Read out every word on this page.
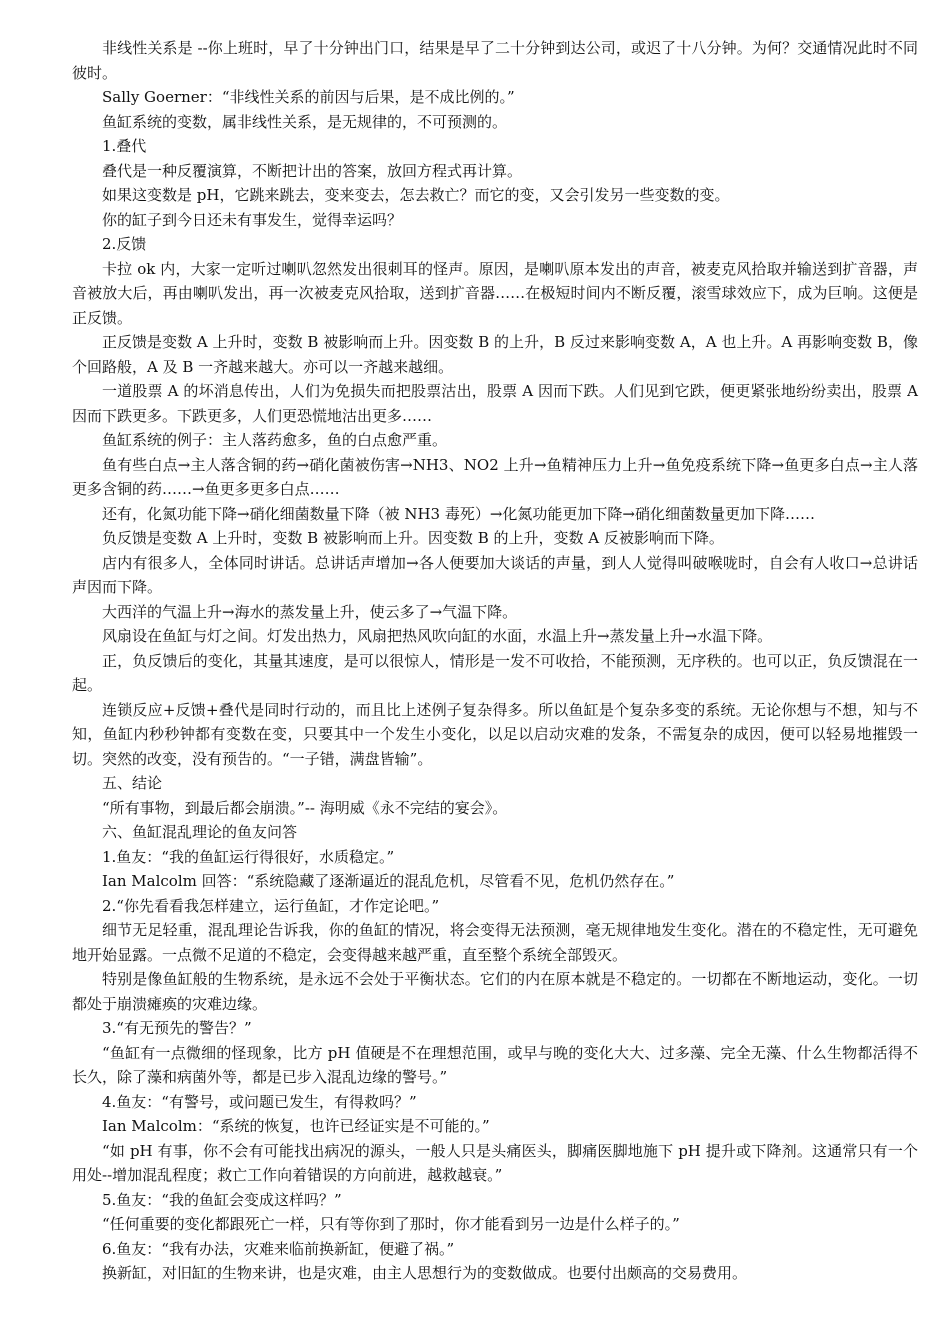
非线性关系是 --你上班时，早了十分钟出门口，结果是早了二十分钟到达公司，或迟了十八分钟。为何？交通情况此时不同彼时。

Sally Goerner：“非线性关系的前因与后果，是不成比例的。”

鱼缸系统的变数，属非线性关系，是无规律的，不可预测的。

1.叠代

叠代是一种反覆演算，不断把计出的答案，放回方程式再计算。

如果这变数是 pH，它跳来跳去，变来变去，怎去救亡？而它的变，又会引发另一些变数的变。

你的缸子到今日还未有事发生，觉得幸运吗？

2.反馈

卡拉 ok 内，大家一定听过喇叭忽然发出很刺耳的怪声。原因，是喇叭原本发出的声音，被麦克风拾取并输送到扩音器，声音被放大后，再由喇叭发出，再一次被麦克风拾取，送到扩音器……在极短时间内不断反覆，滚雪球效应下，成为巨响。这便是正反馈。

正反馈是变数 A 上升时，变数 B 被影响而上升。因变数 B 的上升，B 反过来影响变数 A，A 也上升。A 再影响变数 B，像个回路般，A 及 B 一齐越来越大。亦可以一齐越来越细。

一道股票 A 的坏消息传出，人们为免损失而把股票沽出，股票 A 因而下跌。人们见到它跌，便更紧张地纷纷卖出，股票 A 因而下跌更多。下跌更多，人们更恐慌地沽出更多……

鱼缸系统的例子：主人落药愈多，鱼的白点愈严重。

鱼有些白点→主人落含铜的药→硝化菌被伤害→NH3、NO2 上升→鱼精神压力上升→鱼免疫系统下降→鱼更多白点→主人落更多含铜的药……→鱼更多更多白点……

还有，化氮功能下降→硝化细菌数量下降（被 NH3 毒死）→化氮功能更加下降→硝化细菌数量更加下降……

负反馈是变数 A 上升时，变数 B 被影响而上升。因变数 B 的上升，变数 A 反被影响而下降。

店内有很多人，全体同时讲话。总讲话声增加→各人便要加大谈话的声量，到人人觉得叫破喉咙时，自会有人收口→总讲话声因而下降。

大西洋的气温上升→海水的蒸发量上升，使云多了→气温下降。

风扇设在鱼缸与灯之间。灯发出热力，风扇把热风吹向缸的水面，水温上升→蒸发量上升→水温下降。

正，负反馈后的变化，其量其速度，是可以很惊人，情形是一发不可收拾，不能预测，无序秩的。也可以正，负反馈混在一起。

连锁反应+反馈+叠代是同时行动的，而且比上述例子复杂得多。所以鱼缸是个复杂多变的系统。无论你想与不想，知与不知，鱼缸内秒秒钟都有变数在变，只要其中一个发生小变化，以足以启动灾难的发条，不需复杂的成因，便可以轻易地摧毁一切。突然的改变，没有预告的。“一子错，满盘皆输”。

五、结论

“所有事物，到最后都会崩溃。”-- 海明威《永不完结的宴会》。

六、鱼缸混乱理论的鱼友问答

1.鱼友：“我的鱼缸运行得很好，水质稳定。”

Ian Malcolm 回答：“系统隐藏了逐渐逼近的混乱危机，尽管看不见，危机仍然存在。”

2.“你先看看我怎样建立，运行鱼缸，才作定论吧。”

细节无足轻重，混乱理论告诉我，你的鱼缸的情况，将会变得无法预测，毫无规律地发生变化。潜在的不稳定性，无可避免地开始显露。一点微不足道的不稳定，会变得越来越严重，直至整个系统全部毁灭。

特别是像鱼缸般的生物系统，是永远不会处于平衡状态。它们的内在原本就是不稳定的。一切都在不断地运动，变化。一切都处于崩溃瘫痪的灾难边缘。

3.“有无预先的警告？”

“鱼缸有一点微细的怪现象，比方 pH 值硬是不在理想范围，或早与晚的变化大大、过多藻、完全无藻、什么生物都活得不长久，除了藻和病菌外等，都是已步入混乱边缘的警号。”

4.鱼友：“有警号，或问题已发生，有得救吗？”

Ian Malcolm：“系统的恢复，也许已经证实是不可能的。”

“如 pH 有事，你不会有可能找出病况的源头，一般人只是头痛医头，脚痛医脚地施下 pH 提升或下降剂。这通常只有一个用处--增加混乱程度；救亡工作向着错误的方向前进，越救越衰。”

5.鱼友：“我的鱼缸会变成这样吗？”

“任何重要的变化都跟死亡一样，只有等你到了那时，你才能看到另一边是什么样子的。”

6.鱼友：“我有办法，灾难来临前换新缸，便避了祸。”

换新缸，对旧缸的生物来讲，也是灾难，由主人思想行为的变数做成。也要付出颇高的交易费用。
